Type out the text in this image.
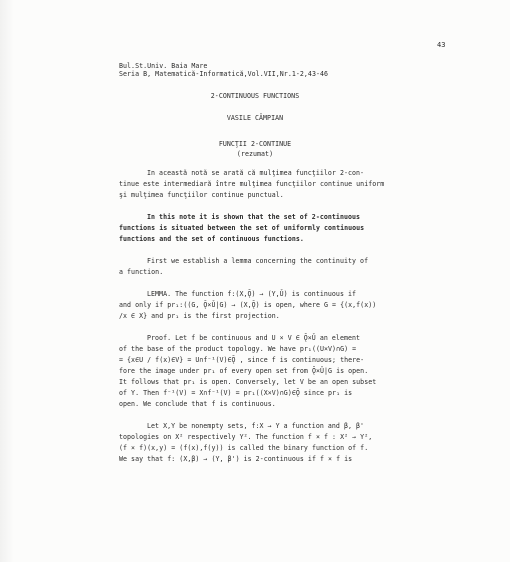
43
Bul.St.Univ. Baia Mare
Seria B, Matematică-Informatică,Vol.VII,Nr.1-2,43-46
2-CONTINUOUS FUNCTIONS
VASILE CÂMPIAN
FUNCŢII 2-CONTINUE
(rezumat)
In această notă se arată că mulţimea funcţiilor 2-con-
tinue este intermediară între mulţimea funcţiilor continue uniform
şi mulţimea funcţiilor continue punctual.
In this note it is shown that the set of 2-continuous
functions is situated between the set of uniformly continuous
functions and the set of continuous functions.
First we establish a lemma concerning the continuity of
a function.
LEMMA. The function f:(X,Ǭ) → (Y,Ǔ) is continuous if
and only if pr₁:((G, Ǭ×Ǔ|G) → (X,Ǭ) is open, where G = {(x,f(x))
/x ∈ X} and pr₁ is the first projection.
Proof. Let f be continuous and U × V ∈ Ǭ×Ǔ an element
of the base of the product topology. We have pr₁((U×V)∩G) =
= {x∈U / f(x)∈V} = U∩f⁻¹(V)∈Ǭ , since f is continuous; there-
fore the image under pr₁ of every open set from Ǭ×Ǔ|G is open.
It follows that pr₁ is open. Conversely, let V be an open subset
of Y. Then f⁻¹(V) = X∩f⁻¹(V) = pr₁((X×V)∩G)∈Ǭ since pr₁ is
open. We conclude that f is continuous.
Let X,Y be nonempty sets, f:X → Y a function and β, β'
topologies on X² respectively Y². The function f × f : X² → Y²,
(f × f)(x,y) = (f(x),f(y)) is called the binary function of f.
We say that f: (X,β) → (Y, β') is 2-continuous if f × f is
